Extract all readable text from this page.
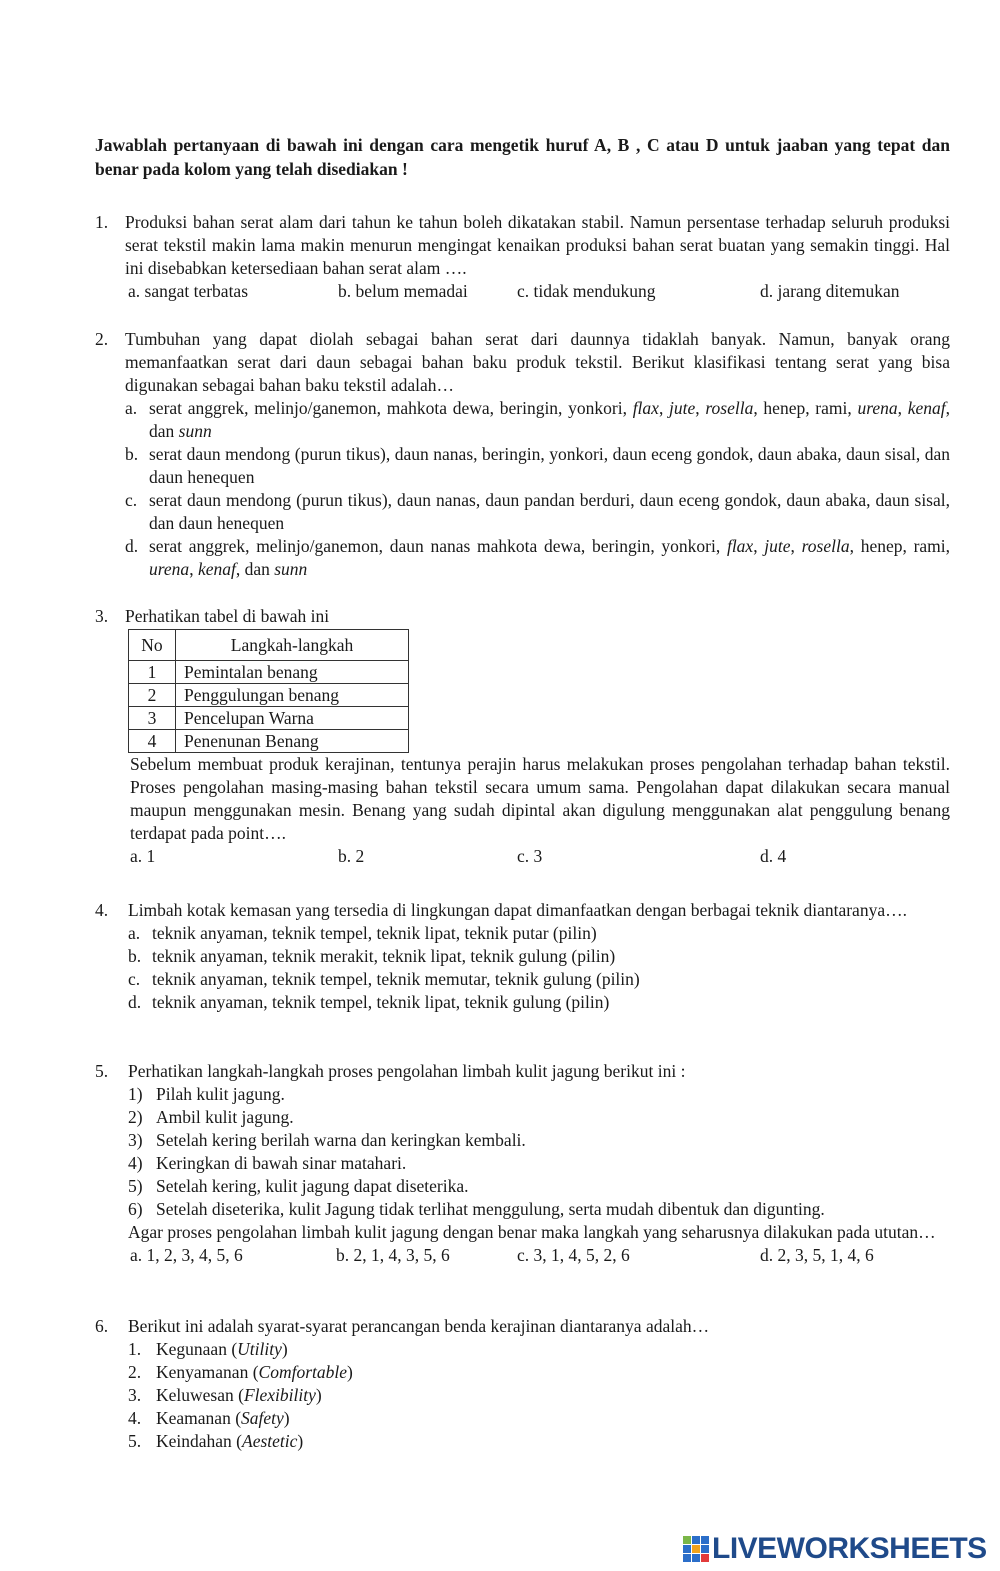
Jawablah pertanyaan di bawah ini dengan cara mengetik huruf A, B , C atau D untuk jaaban yang tepat dan benar pada kolom yang telah disediakan !
1. Produksi bahan serat alam dari tahun ke tahun boleh dikatakan stabil. Namun persentase terhadap seluruh produksi serat tekstil makin lama makin menurun mengingat kenaikan produksi bahan serat buatan yang semakin tinggi. Hal ini disebabkan ketersediaan bahan serat alam ….
a. sangat terbatas	b. belum memadai	c. tidak mendukung	d. jarang ditemukan
2. Tumbuhan yang dapat diolah sebagai bahan serat dari daunnya tidaklah banyak. Namun, banyak orang memanfaatkan serat dari daun sebagai bahan baku produk tekstil. Berikut klasifikasi tentang serat yang bisa digunakan sebagai bahan baku tekstil adalah…
a. serat anggrek, melinjo/ganemon, mahkota dewa, beringin, yonkori, flax, jute, rosella, henep, rami, urena, kenaf, dan sunn
b. serat daun mendong (purun tikus), daun nanas, beringin, yonkori, daun eceng gondok, daun abaka, daun sisal, dan daun henequen
c. serat daun mendong (purun tikus), daun nanas, daun pandan berduri, daun eceng gondok, daun abaka, daun sisal, dan daun henequen
d. serat anggrek, melinjo/ganemon, daun nanas mahkota dewa, beringin, yonkori, flax, jute, rosella, henep, rami, urena, kenaf, dan sunn
3. Perhatikan tabel di bawah ini
No	Langkah-langkah
1	Pemintalan benang
2	Penggulungan benang
3	Pencelupan Warna
4	Penenunan Benang
Sebelum membuat produk kerajinan, tentunya perajin harus melakukan proses pengolahan terhadap bahan tekstil. Proses pengolahan masing-masing bahan tekstil secara umum sama. Pengolahan dapat dilakukan secara manual maupun menggunakan mesin. Benang yang sudah dipintal akan digulung menggunakan alat penggulung benang terdapat pada point….
a. 1	b. 2	c. 3	d. 4
4. Limbah kotak kemasan yang tersedia di lingkungan dapat dimanfaatkan dengan berbagai teknik diantaranya….
a. teknik anyaman, teknik tempel, teknik lipat, teknik putar (pilin)
b. teknik anyaman, teknik merakit, teknik lipat, teknik gulung (pilin)
c. teknik anyaman, teknik tempel, teknik memutar, teknik gulung (pilin)
d. teknik anyaman, teknik tempel, teknik lipat, teknik gulung (pilin)
5. Perhatikan langkah-langkah proses pengolahan limbah kulit jagung berikut ini :
1) Pilah kulit jagung.
2) Ambil kulit jagung.
3) Setelah kering berilah warna dan keringkan kembali.
4) Keringkan di bawah sinar matahari.
5) Setelah kering, kulit jagung dapat diseterika.
6) Setelah diseterika, kulit Jagung tidak terlihat menggulung, serta mudah dibentuk dan digunting.
Agar proses pengolahan limbah kulit jagung dengan benar maka langkah yang seharusnya dilakukan pada ututan…
a. 1, 2, 3, 4, 5, 6	b. 2, 1, 4, 3, 5, 6	c. 3, 1, 4, 5, 2, 6	d. 2, 3, 5, 1, 4, 6
6. Berikut ini adalah syarat-syarat perancangan benda kerajinan diantaranya adalah…
1. Kegunaan (Utility)
2. Kenyamanan (Comfortable)
3. Keluwesan (Flexibility)
4. Keamanan (Safety)
5. Keindahan (Aestetic)
LIVEWORKSHEETS
